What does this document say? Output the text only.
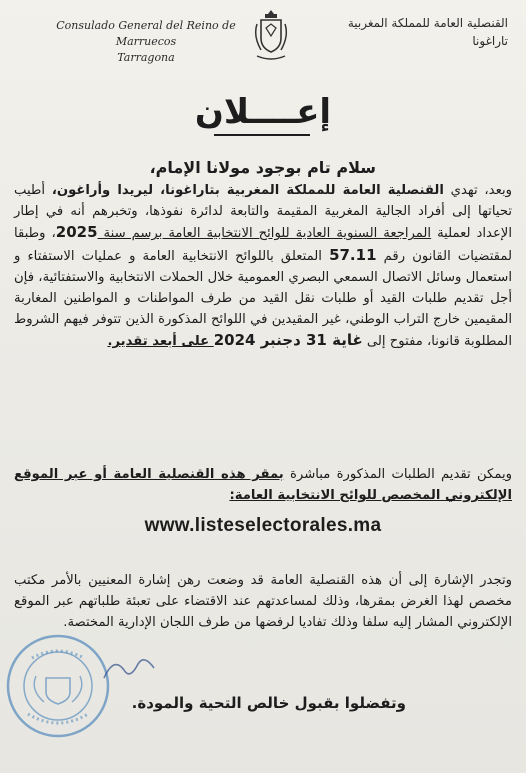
Consulado General del Reino de Marruecos
Tarragona
القنصلية العامة للمملكة المغربية
تاراغونا
إعــــلان
سلام تام بوجود مولانا الإمام،
وبعد، تهدي القنصلية العامة للمملكة المغربية بتاراغونا، ليريدا وأراغون، أطيب تحياتها إلى أفراد الجالية المغربية المقيمة والتابعة لدائرة نفوذها، وتخبرهم أنه في إطار الإعداد لعملية المراجعة السنوية العادية للوائح الانتخابية العامة برسم سنة 2025، وطبقا لمقتضيات القانون رقم 57.11 المتعلق باللوائح الانتخابية العامة و عمليات الاستفتاء و استعمال وسائل الاتصال السمعي البصري العمومية خلال الحملات الانتخابية والاستفتائية، فإن أجل تقديم طلبات القيد أو طلبات نقل القيد من طرف المواطنات و المواطنين المغاربة المقيمين خارج التراب الوطني، غير المقيدين في اللوائح المذكورة الذين تتوفر فيهم الشروط المطلوبة قانونا، مفتوح إلى غاية 31 دجنبر 2024 على أبعد تقدير.
ويمكن تقديم الطلبات المذكورة مباشرة بمقر هذه القنصلية العامة أو عبر الموقع الإلكتروني المخصص للوائح الانتخابية العامة:
www.listeselectorales.ma
وتجدر الإشارة إلى أن هذه القنصلية العامة قد وضعت رهن إشارة المعنيين بالأمر مكتب مخصص لهذا الغرض بمقرها، وذلك لمساعدتهم عند الاقتضاء على تعبئة طلباتهم عبر الموقع الإلكتروني المشار إليه سلفا وذلك تفاديا لرفضها من طرف اللجان الإدارية المختصة.
وتفضلوا بقبول خالص التحية والمودة.
